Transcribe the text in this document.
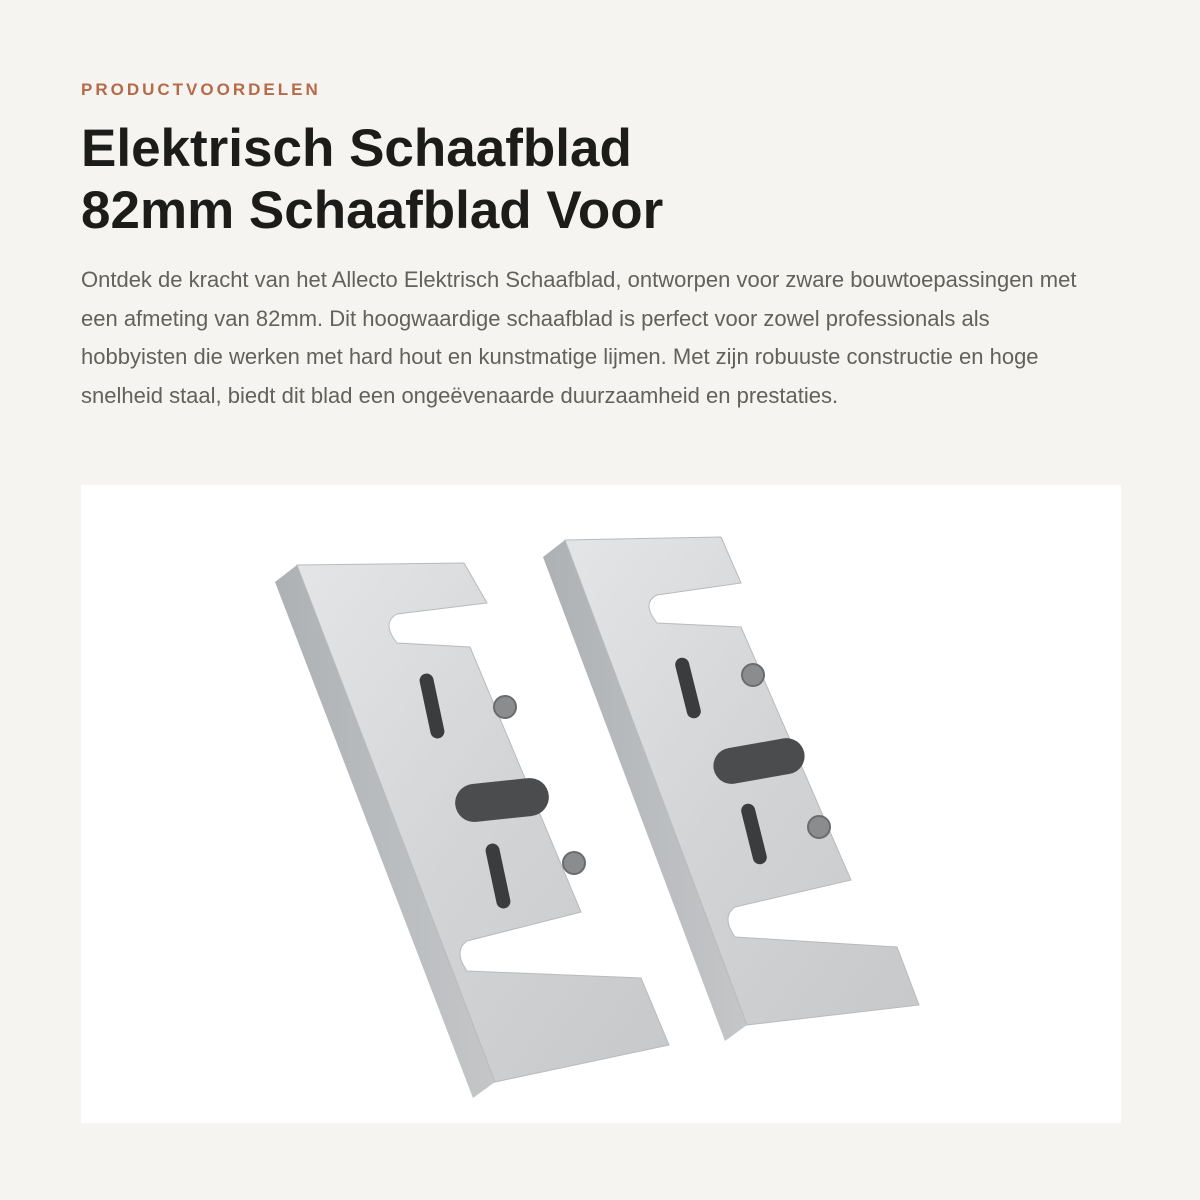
PRODUCTVOORDELEN
Elektrisch Schaafblad
82mm Schaafblad Voor

Ontdek de kracht van het Allecto Elektrisch Schaafblad, ontworpen voor zware bouwtoepassingen met een afmeting van 82mm. Dit hoogwaardige schaafblad is perfect voor zowel professionals als hobbyisten die werken met hard hout en kunstmatige lijmen. Met zijn robuuste constructie en hoge snelheid staal, biedt dit blad een ongeëvenaarde duurzaamheid en prestaties.
